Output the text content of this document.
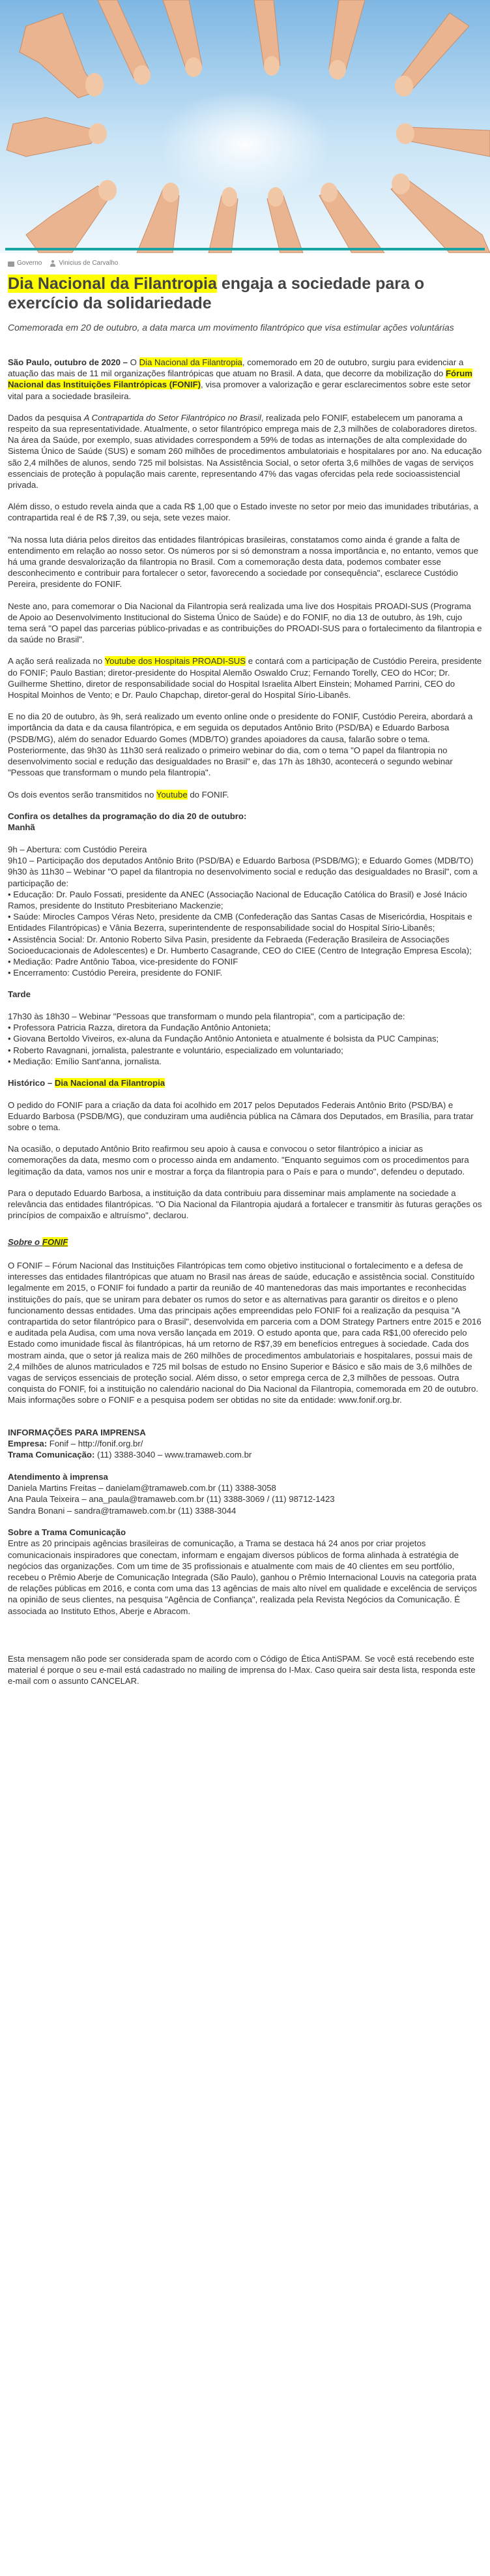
Governo	Vinicius de Carvalho
Dia Nacional da Filantropia engaja a sociedade para o exercício da solidariedade
Comemorada em 20 de outubro, a data marca um movimento filantrópico que visa estimular ações voluntárias

São Paulo, outubro de 2020 – O Dia Nacional da Filantropia, comemorado em 20 de outubro, surgiu para evidenciar a atuação das mais de 11 mil organizações filantrópicas que atuam no Brasil. A data, que decorre da mobilização do Fórum Nacional das Instituições Filantrópicas (FONIF), visa promover a valorização e gerar esclarecimentos sobre este setor vital para a sociedade brasileira.

Dados da pesquisa A Contrapartida do Setor Filantrópico no Brasil, realizada pelo FONIF, estabelecem um panorama a respeito da sua representatividade. Atualmente, o setor filantrópico emprega mais de 2,3 milhões de colaboradores diretos. Na área da Saúde, por exemplo, suas atividades correspondem a 59% de todas as internações de alta complexidade do Sistema Único de Saúde (SUS) e somam 260 milhões de procedimentos ambulatoriais e hospitalares por ano. Na educação são 2,4 milhões de alunos, sendo 725 mil bolsistas. Na Assistência Social, o setor oferta 3,6 milhões de vagas de serviços essenciais de proteção à população mais carente, representando 47% das vagas ofercidas pela rede socioassistencial privada.

Além disso, o estudo revela ainda que a cada R$ 1,00 que o Estado investe no setor por meio das imunidades tributárias, a contrapartida real é de R$ 7,39, ou seja, sete vezes maior.

"Na nossa luta diária pelos direitos das entidades filantrópicas brasileiras, constatamos como ainda é grande a falta de entendimento em relação ao nosso setor. Os números por si só demonstram a nossa importância e, no entanto, vemos que há uma grande desvalorização da filantropia no Brasil. Com a comemoração desta data, podemos combater esse desconhecimento e contribuir para fortalecer o setor, favorecendo a sociedade por consequência", esclarece Custódio Pereira, presidente do FONIF.

Neste ano, para comemorar o Dia Nacional da Filantropia será realizada uma live dos Hospitais PROADI-SUS (Programa de Apoio ao Desenvolvimento Institucional do Sistema Único de Saúde) e do FONIF, no dia 13 de outubro, às 19h, cujo tema será "O papel das parcerias público-privadas e as contribuições do PROADI-SUS para o fortalecimento da filantropia e da saúde no Brasil".

A ação será realizada no Youtube dos Hospitais PROADI-SUS e contará com a participação de Custódio Pereira, presidente do FONIF; Paulo Bastian; diretor-presidente do Hospital Alemão Oswaldo Cruz; Fernando Torelly, CEO do HCor; Dr. Guilherme Shettino, diretor de responsabilidade social do Hospital Israelita Albert Einstein; Mohamed Parrini, CEO do Hospital Moinhos de Vento; e Dr. Paulo Chapchap, diretor-geral do Hospital Sírio-Libanês.

E no dia 20 de outubro, às 9h, será realizado um evento online onde o presidente do FONIF, Custódio Pereira, abordará a importância da data e da causa filantrópica, e em seguida os deputados Antônio Brito (PSD/BA) e Eduardo Barbosa (PSDB/MG), além do senador Eduardo Gomes (MDB/TO) grandes apoiadores da causa, falarão sobre o tema. Posteriormente, das 9h30 às 11h30 será realizado o primeiro webinar do dia, com o tema "O papel da filantropia no desenvolvimento social e redução das desigualdades no Brasil" e, das 17h às 18h30, acontecerá o segundo webinar "Pessoas que transformam o mundo pela filantropia".

Os dois eventos serão transmitidos no Youtube do FONIF.

Confira os detalhes da programação do dia 20 de outubro:
Manhã

9h – Abertura: com Custódio Pereira

9h10 – Participação dos deputados Antônio Brito (PSD/BA) e Eduardo Barbosa (PSDB/MG); e Eduardo Gomes (MDB/TO)

9h30 às 11h30 – Webinar "O papel da filantropia no desenvolvimento social e redução das desigualdades no Brasil", com a participação de:

• Educação: Dr. Paulo Fossati, presidente da ANEC (Associação Nacional de Educação Católica do Brasil) e José Inácio Ramos, presidente do Instituto Presbiteriano Mackenzie;

• Saúde: Mirocles Campos Véras Neto, presidente da CMB (Confederação das Santas Casas de Misericórdia, Hospitais e Entidades Filantrópicas) e Vânia Bezerra, superintendente de responsabilidade social do Hospital Sírio-Libanês;

• Assistência Social: Dr. Antonio Roberto Silva Pasin, presidente da Febraeda (Federação Brasileira de Associações Socioeducacionais de Adolescentes) e Dr. Humberto Casagrande, CEO do CIEE (Centro de Integração Empresa Escola);

• Mediação: Padre Antônio Taboa, vice-presidente do FONIF

• Encerramento: Custódio Pereira, presidente do FONIF.

Tarde

17h30 às 18h30 – Webinar "Pessoas que transformam o mundo pela filantropia", com a participação de:

• Professora Patricia Razza, diretora da Fundação Antônio Antonieta;

• Giovana Bertoldo Viveiros, ex-aluna da Fundação Antônio Antonieta e atualmente é bolsista da PUC Campinas;

• Roberto Ravagnani, jornalista, palestrante e voluntário, especializado em voluntariado;

• Mediação: Emílio Sant'anna, jornalista.

Histórico – Dia Nacional da Filantropia

O pedido do FONIF para a criação da data foi acolhido em 2017 pelos Deputados Federais Antônio Brito (PSD/BA) e Eduardo Barbosa (PSDB/MG), que conduziram uma audiência pública na Câmara dos Deputados, em Brasília, para tratar sobre o tema.

Na ocasião, o deputado Antônio Brito reafirmou seu apoio à causa e convocou o setor filantrópico a iniciar as comemorações da data, mesmo com o processo ainda em andamento. "Enquanto seguimos com os procedimentos para legitimação da data, vamos nos unir e mostrar a força da filantropia para o País e para o mundo", defendeu o deputado.

Para o deputado Eduardo Barbosa, a instituição da data contribuiu para disseminar mais amplamente na sociedade a relevância das entidades filantrópicas. "O Dia Nacional da Filantropia ajudará a fortalecer e transmitir às futuras gerações os princípios de compaixão e altruísmo", declarou.

Sobre o FONIF

O FONIF – Fórum Nacional das Instituições Filantrópicas tem como objetivo institucional o fortalecimento e a defesa de interesses das entidades filantrópicas que atuam no Brasil nas áreas de saúde, educação e assistência social. Constituído legalmente em 2015, o FONIF foi fundado a partir da reunião de 40 mantenedoras das mais importantes e reconhecidas instituições do país, que se uniram para debater os rumos do setor e as alternativas para garantir os direitos e o pleno funcionamento dessas entidades. Uma das principais ações empreendidas pelo FONIF foi a realização da pesquisa "A contrapartida do setor filantrópico para o Brasil", desenvolvida em parceria com a DOM Strategy Partners entre 2015 e 2016 e auditada pela Audisa, com uma nova versão lançada em 2019. O estudo aponta que, para cada R$1,00 oferecido pelo Estado como imunidade fiscal às filantrópicas, há um retorno de R$7,39 em benefícios entregues à sociedade. Cada dos mostram ainda, que o setor já realiza mais de 260 milhões de procedimentos ambulatoriais e hospitalares, possui mais de 2,4 milhões de alunos matriculados e 725 mil bolsas de estudo no Ensino Superior e Básico e são mais de 3,6 milhões de vagas de serviços essenciais de proteção social. Além disso, o setor emprega cerca de 2,3 milhões de pessoas. Outra conquista do FONIF, foi a instituição no calendário nacional do Dia Nacional da Filantropia, comemorada em 20 de outubro. Mais informações sobre o FONIF e a pesquisa podem ser obtidas no site da entidade: www.fonif.org.br.

INFORMAÇÕES PARA IMPRENSA

Empresa: Fonif – http://fonif.org.br/

Trama Comunicação: (11) 3388-3040 – www.tramaweb.com.br

Atendimento à imprensa

Daniela Martins Freitas – danielam@tramaweb.com.br (11) 3388-3058

Ana Paula Teixeira – ana_paula@tramaweb.com.br (11) 3388-3069 / (11) 98712-1423

Sandra Bonani – sandra@tramaweb.com.br (11) 3388-3044

Sobre a Trama Comunicação

Entre as 20 principais agências brasileiras de comunicação, a Trama se destaca há 24 anos por criar projetos comunicacionais inspiradores que conectam, informam e engajam diversos públicos de forma alinhada à estratégia de negócios das organizações. Com um time de 35 profissionais e atualmente com mais de 40 clientes em seu portfólio, recebeu o Prêmio Aberje de Comunicação Integrada (São Paulo), ganhou o Prêmio Internacional Louvis na categoria prata de relações públicas em 2016, e conta com uma das 13 agências de mais alto nível em qualidade e excelência de serviços na opinião de seus clientes, na pesquisa "Agência de Confiança", realizada pela Revista Negócios da Comunicação. É associada ao Instituto Ethos, Aberje e Abracom.

Esta mensagem não pode ser considerada spam de acordo com o Código de Ética AntiSPAM. Se você está recebendo este material é porque o seu e-mail está cadastrado no mailing de imprensa do I-Max. Caso queira sair desta lista, responda este e-mail com o assunto CANCELAR.
